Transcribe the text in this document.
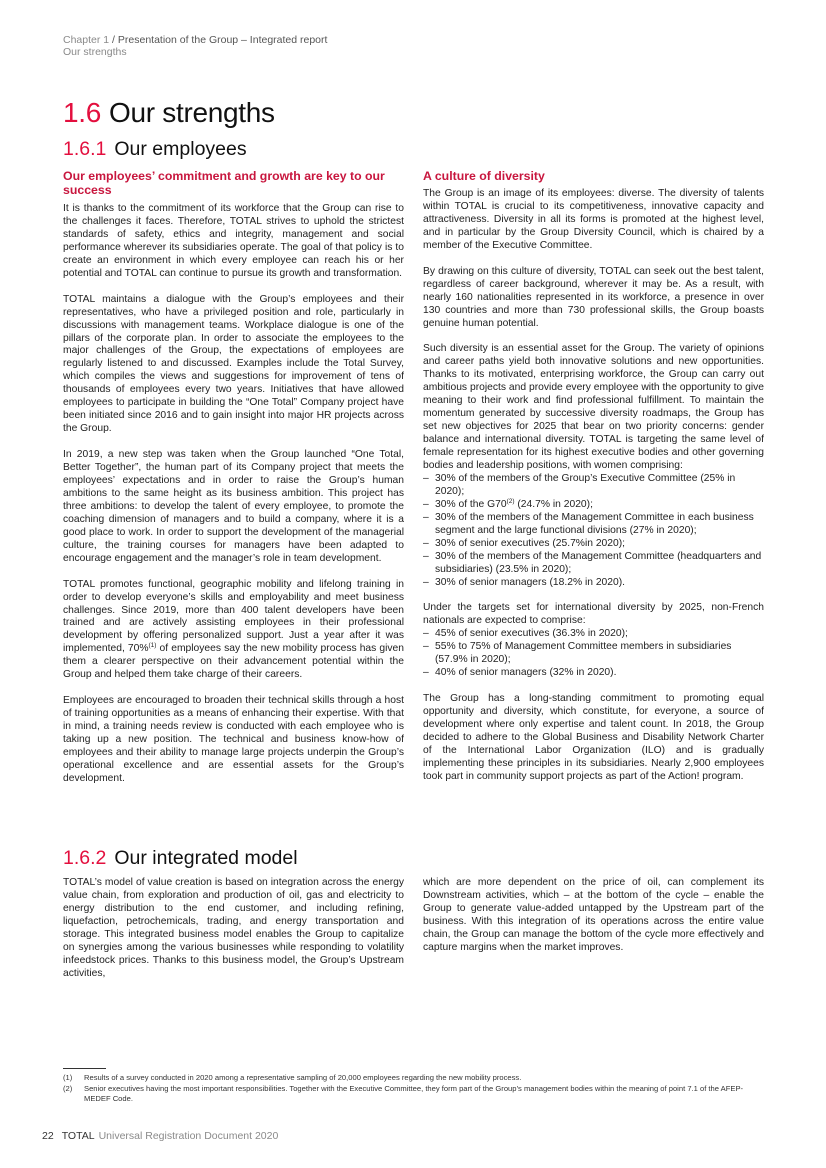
Chapter 1 / Presentation of the Group – Integrated report
Our strengths
1.6 Our strengths
1.6.1 Our employees
Our employees’ commitment and growth are key to our success

It is thanks to the commitment of its workforce that the Group can rise to the challenges it faces. Therefore, TOTAL strives to uphold the strictest standards of safety, ethics and integrity, management and social performance wherever its subsidiaries operate. The goal of that policy is to create an environment in which every employee can reach his or her potential and TOTAL can continue to pursue its growth and transformation.

TOTAL maintains a dialogue with the Group’s employees and their representatives, who have a privileged position and role, particularly in discussions with management teams. Workplace dialogue is one of the pillars of the corporate plan. In order to associate the employees to the major challenges of the Group, the expectations of employees are regularly listened to and discussed. Examples include the Total Survey, which compiles the views and suggestions for improvement of tens of thousands of employees every two years. Initiatives that have allowed employees to participate in building the “One Total” Company project have been initiated since 2016 and to gain insight into major HR projects across the Group.

In 2019, a new step was taken when the Group launched “One Total, Better Together”, the human part of its Company project that meets the employees’ expectations and in order to raise the Group’s human ambitions to the same height as its business ambition. This project has three ambitions: to develop the talent of every employee, to promote the coaching dimension of managers and to build a company, where it is a good place to work. In order to support the development of the managerial culture, the training courses for managers have been adapted to encourage engagement and the manager’s role in team development.

TOTAL promotes functional, geographic mobility and lifelong training in order to develop everyone’s skills and employability and meet business challenges. Since 2019, more than 400 talent developers have been trained and are actively assisting employees in their professional development by offering personalized support. Just a year after it was implemented, 70%$^{(1)}$ of employees say the new mobility process has given them a clearer perspective on their advancement potential within the Group and helped them take charge of their careers.

Employees are encouraged to broaden their technical skills through a host of training opportunities as a means of enhancing their expertise. With that in mind, a training needs review is conducted with each employee who is taking up a new position. The technical and business know-how of employees and their ability to manage large projects underpin the Group’s operational excellence and are essential assets for the Group’s development.

A culture of diversity

The Group is an image of its employees: diverse. The diversity of talents within TOTAL is crucial to its competitiveness, innovative capacity and attractiveness. Diversity in all its forms is promoted at the highest level, and in particular by the Group Diversity Council, which is chaired by a member of the Executive Committee.

By drawing on this culture of diversity, TOTAL can seek out the best talent, regardless of career background, wherever it may be. As a result, with nearly 160 nationalities represented in its workforce, a presence in over 130 countries and more than 730 professional skills, the Group boasts genuine human potential.

Such diversity is an essential asset for the Group. The variety of opinions and career paths yield both innovative solutions and new opportunities. Thanks to its motivated, enterprising workforce, the Group can carry out ambitious projects and provide every employee with the opportunity to give meaning to their work and find professional fulfillment. To maintain the momentum generated by successive diversity roadmaps, the Group has set new objectives for 2025 that bear on two priority concerns: gender balance and international diversity. TOTAL is targeting the same level of female representation for its highest executive bodies and other governing bodies and leadership positions, with women comprising:

– 30% of the members of the Group’s Executive Committee (25% in 2020);
– 30% of the G70$^{(2)}$ (24.7% in 2020);
– 30% of the members of the Management Committee in each business segment and the large functional divisions (27% in 2020);
– 30% of senior executives (25.7%in 2020);
– 30% of the members of the Management Committee (headquarters and subsidiaries) (23.5% in 2020);
– 30% of senior managers (18.2% in 2020).

Under the targets set for international diversity by 2025, non-French nationals are expected to comprise:

– 45% of senior executives (36.3% in 2020);
– 55% to 75% of Management Committee members in subsidiaries (57.9% in 2020);
– 40% of senior managers (32% in 2020).

The Group has a long-standing commitment to promoting equal opportunity and diversity, which constitute, for everyone, a source of development where only expertise and talent count. In 2018, the Group decided to adhere to the Global Business and Disability Network Charter of the International Labor Organization (ILO) and is gradually implementing these principles in its subsidiaries. Nearly 2,900 employees took part in community support projects as part of the Action! program.

1.6.2 Our integrated model

TOTAL’s model of value creation is based on integration across the energy value chain, from exploration and production of oil, gas and electricity to energy distribution to the end customer, and including refining, liquefaction, petrochemicals, trading, and energy transportation and storage. This integrated business model enables the Group to capitalize on synergies among the various businesses while responding to volatility infeedstock prices. Thanks to this business model, the Group’s Upstream activities,

which are more dependent on the price of oil, can complement its Downstream activities, which – at the bottom of the cycle – enable the Group to generate value-added untapped by the Upstream part of the business. With this integration of its operations across the entire value chain, the Group can manage the bottom of the cycle more effectively and capture margins when the market improves.

(1) Results of a survey conducted in 2020 among a representative sampling of 20,000 employees regarding the new mobility process.
(2) Senior executives having the most important responsibilities. Together with the Executive Committee, they form part of the Group’s management bodies within the meaning of point 7.1 of the AFEP-MEDEF Code.
22 TOTAL Universal Registration Document 2020
